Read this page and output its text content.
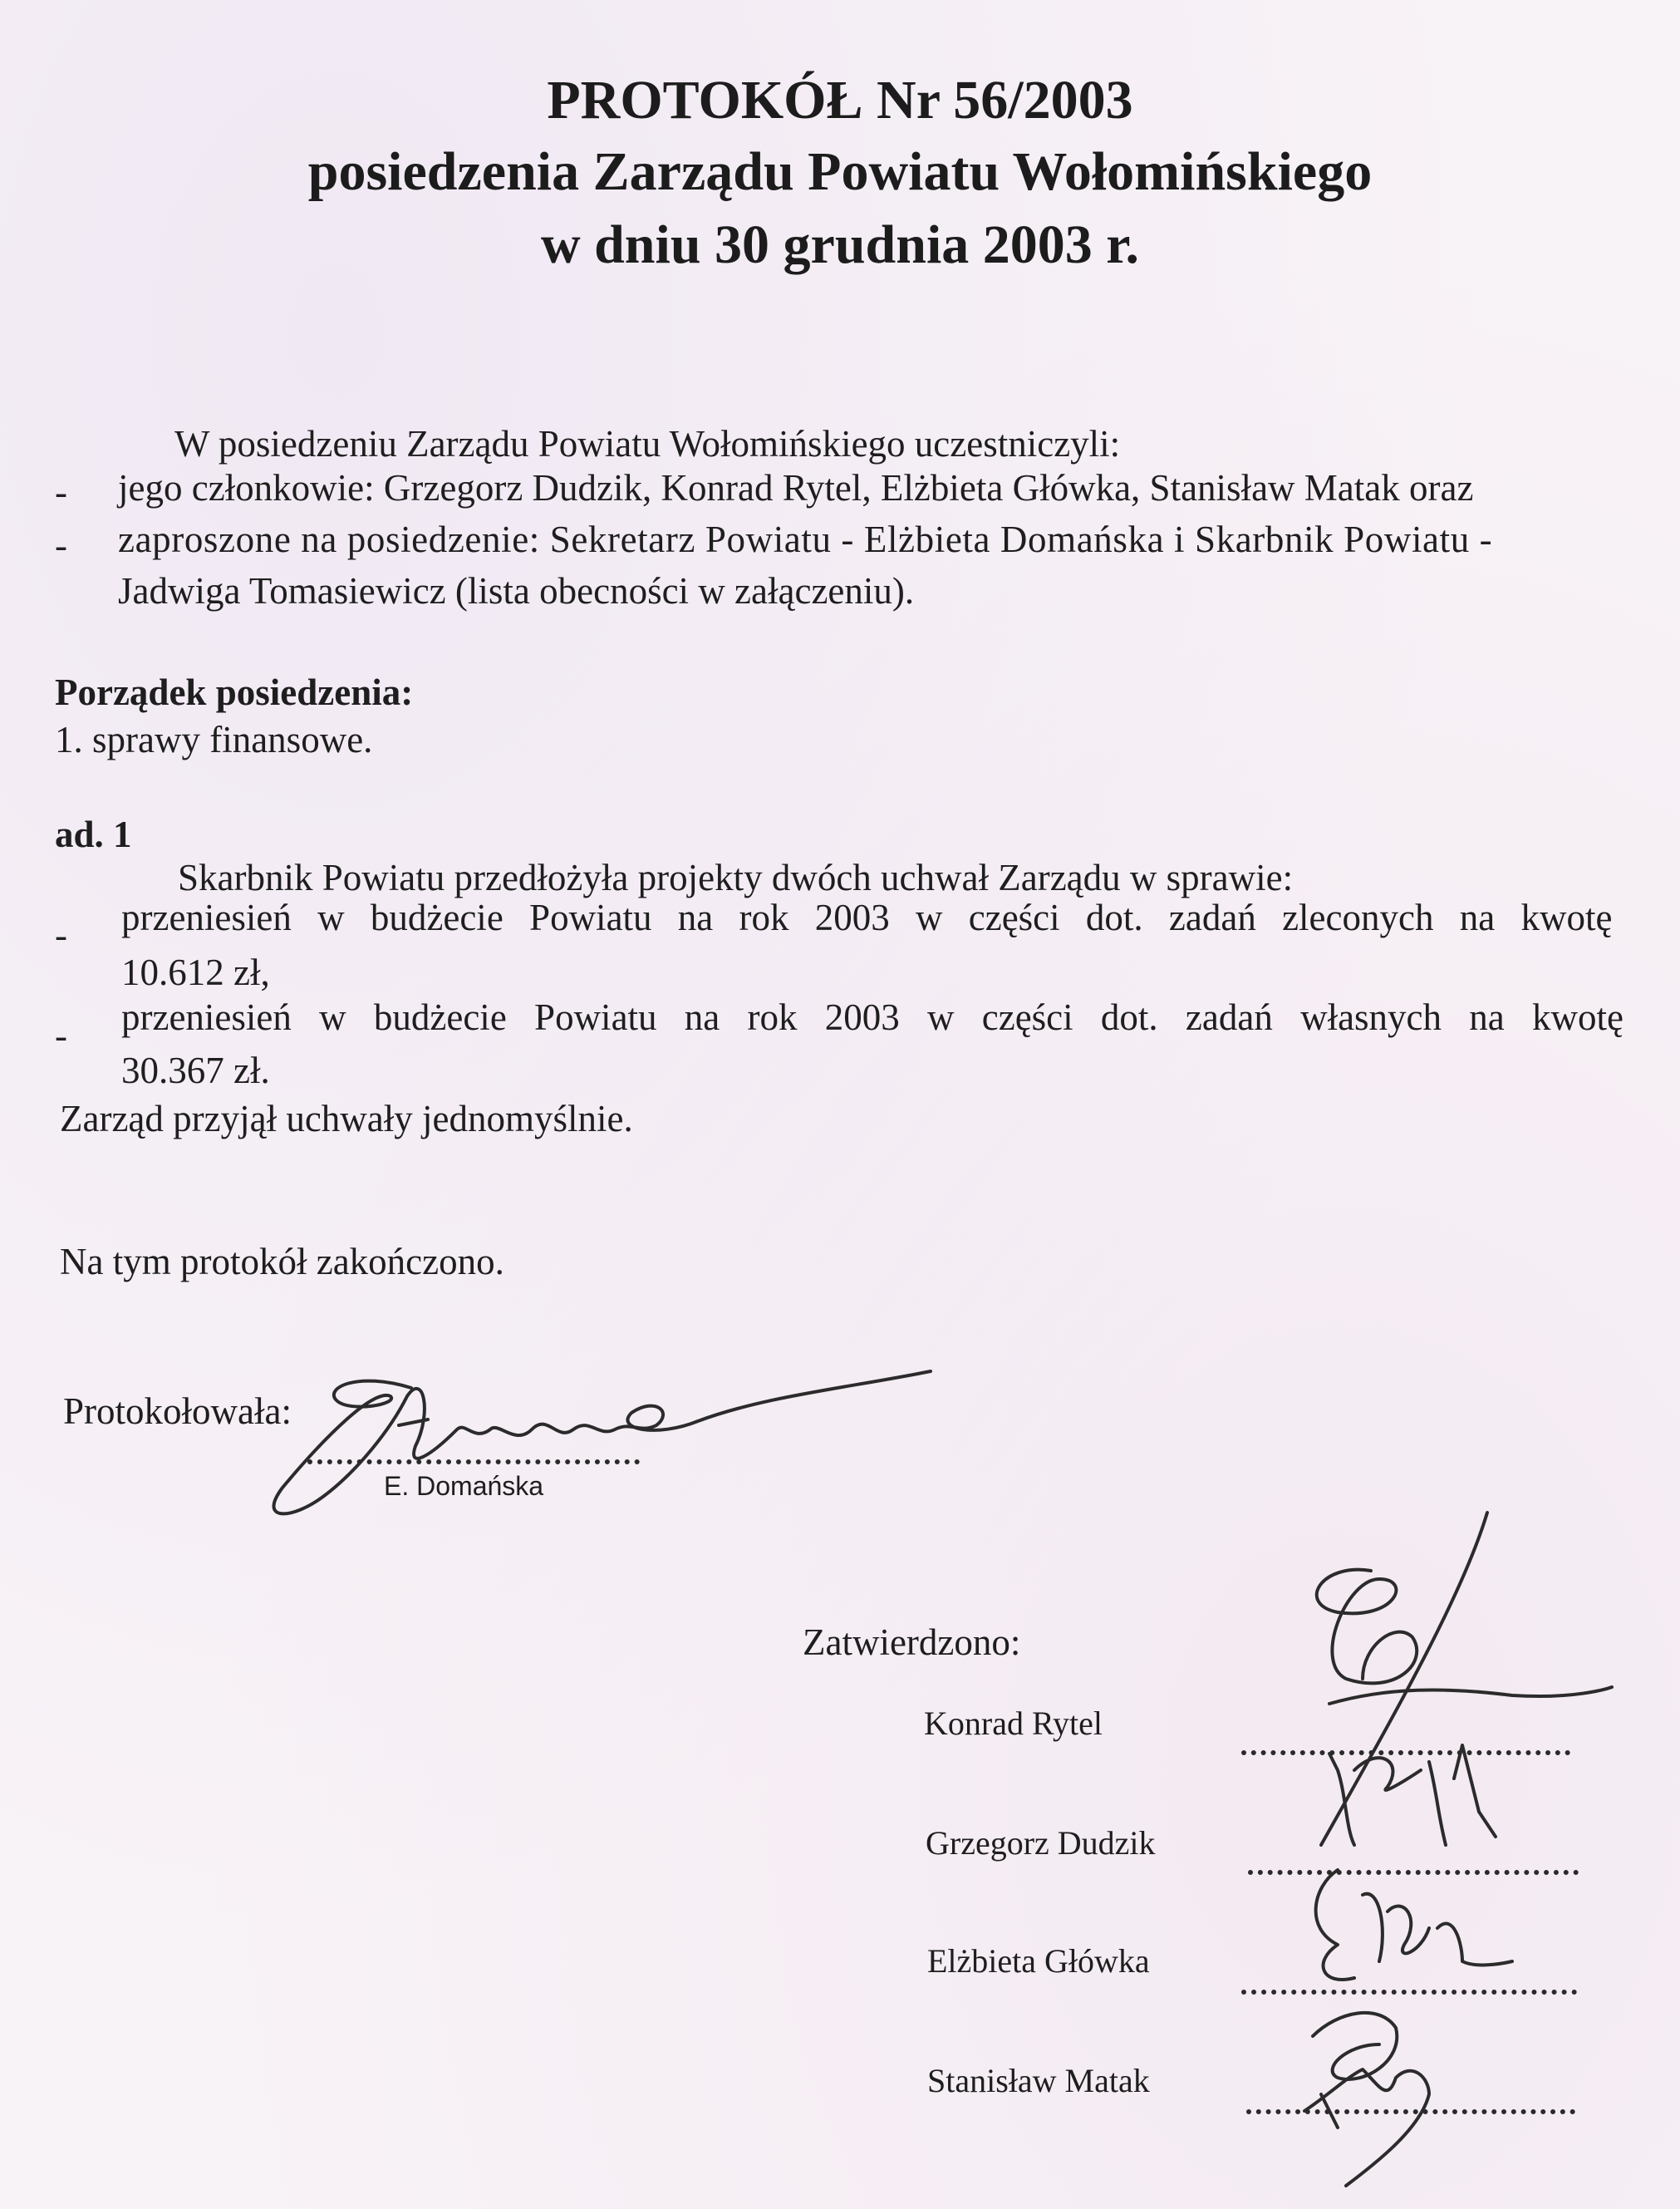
PROTOKÓŁ Nr 56/2003
posiedzenia Zarządu Powiatu Wołomińskiego
w dniu 30 grudnia 2003 r.
W posiedzeniu Zarządu Powiatu Wołomińskiego uczestniczyli:
- jego członkowie: Grzegorz Dudzik, Konrad Rytel, Elżbieta Główka, Stanisław Matak oraz
- zaproszone na posiedzenie: Sekretarz Powiatu - Elżbieta Domańska i Skarbnik Powiatu -
Jadwiga Tomasiewicz (lista obecności w załączeniu).
Porządek posiedzenia:
1. sprawy finansowe.
ad. 1
Skarbnik Powiatu przedłożyła projekty dwóch uchwał Zarządu w sprawie:
- przeniesień w budżecie Powiatu na rok 2003 w części dot. zadań zleconych na kwotę
10.612 zł,
- przeniesień w budżecie Powiatu na rok 2003 w części dot. zadań własnych na kwotę
30.367 zł.
Zarząd przyjął uchwały jednomyślnie.
Na tym protokół zakończono.
Protokołowała:
E. Domańska
Zatwierdzono:
Konrad Rytel
Grzegorz Dudzik
Elżbieta Główka
Stanisław Matak
